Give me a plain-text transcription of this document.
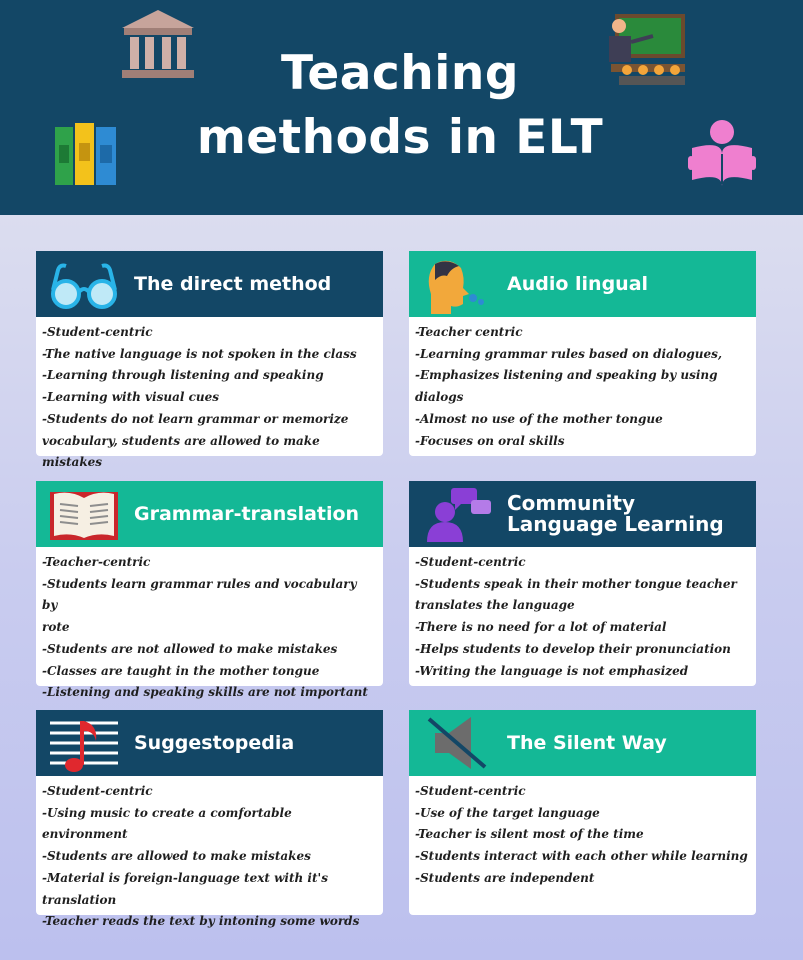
Teaching
methods in ELT
The direct method
-Student-centric
-The native language is not spoken in the class
-Learning through listening and speaking
-Learning with visual cues
-Students do not learn grammar or memorize
vocabulary, students are allowed to make mistakes
Audio lingual
-Teacher centric
-Learning grammar rules based on dialogues,
-Emphasizes listening and speaking by using
dialogs
-Almost no use of the mother tongue
-Focuses on oral skills
Grammar-translation
-Teacher-centric
-Students learn grammar rules and vocabulary by
rote
-Students are not allowed to make mistakes
-Classes are taught in the mother tongue
-Listening and speaking skills are not important
Community
Language Learning
-Student-centric
-Students speak in their mother tongue teacher
translates the language
-There is no need for a lot of material
-Helps students to develop their pronunciation
-Writing the language is not emphasized
Suggestopedia
-Student-centric
-Using music to create a comfortable environment
-Students are allowed to make mistakes
-Material is foreign-language text with it's
translation
-Teacher reads the text by intoning some words
The Silent Way
-Student-centric
-Use of the target language
-Teacher is silent most of the time
-Students interact with each other while learning
-Students are independent
